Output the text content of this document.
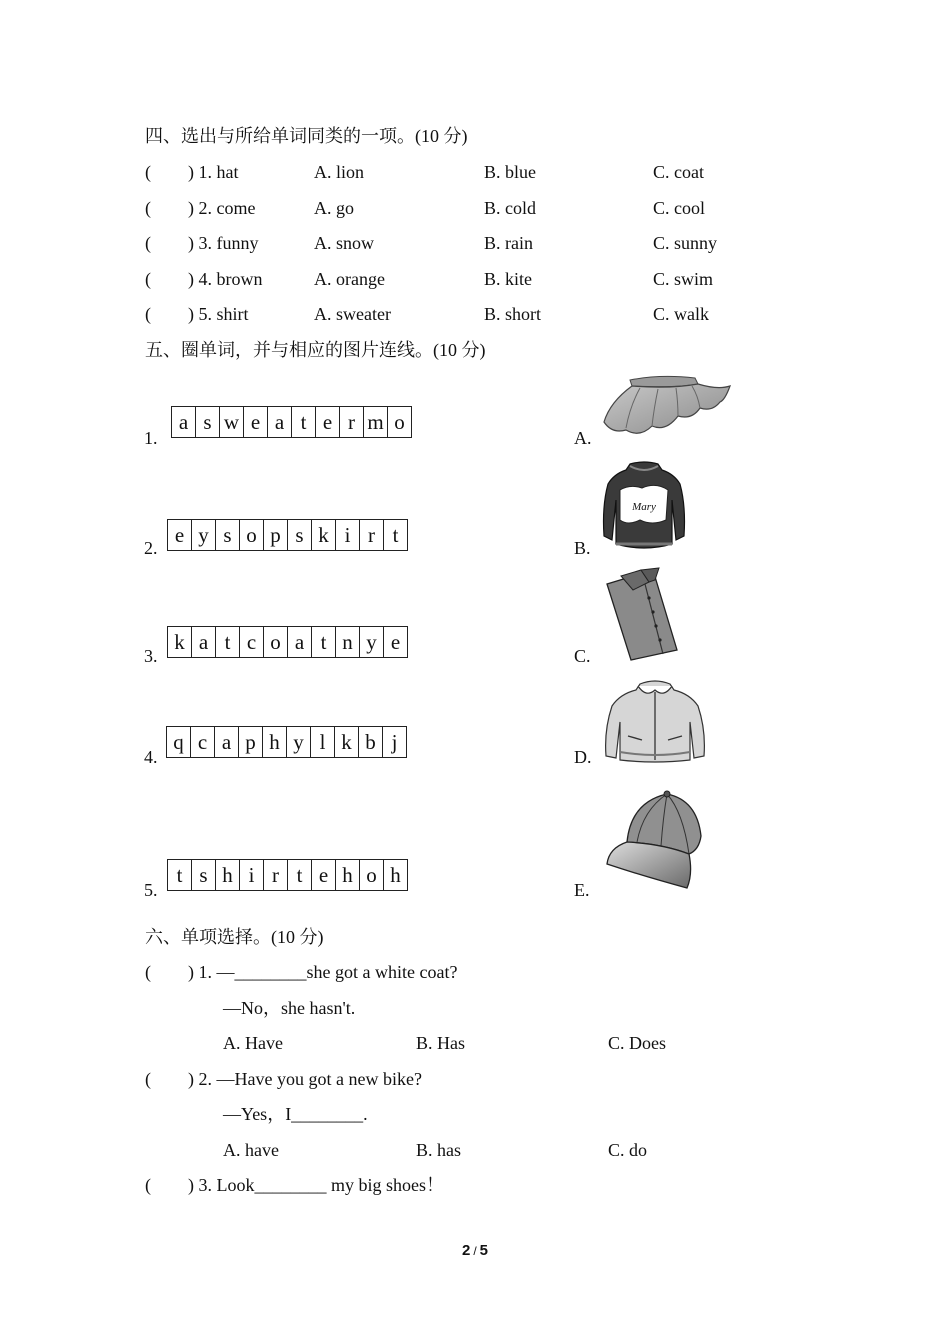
四、选出与所给单词同类的一项。(10 分)
( ) 1. hat	A. lion	B. blue	C. coat
( ) 2. come	A. go	B. cold	C. cool
( ) 3. funny	A. snow	B. rain	C. sunny
( ) 4. brown	A. orange	B. kite	C. swim
( ) 5. shirt	A. sweater	B. short	C. walk
五、圈单词，并与相应的图片连线。(10 分)
1.
a s w e a t e r m o
2.
e y s o p s k i r t
3.
k a t c o a t n y e
4.
q c a p h y l k b j
5.
t s h i r t e h o h
A.
B.
C.
D.
E.
Mary
六、单项选择。(10 分)
( ) 1. —________she got a white coat?
—No，she hasn't.
A. Have	B. Has	C. Does
( ) 2. —Have you got a new bike?
—Yes，I________.
A. have	B. has	C. do
( ) 3. Look________ my big shoes！
2 / 5
